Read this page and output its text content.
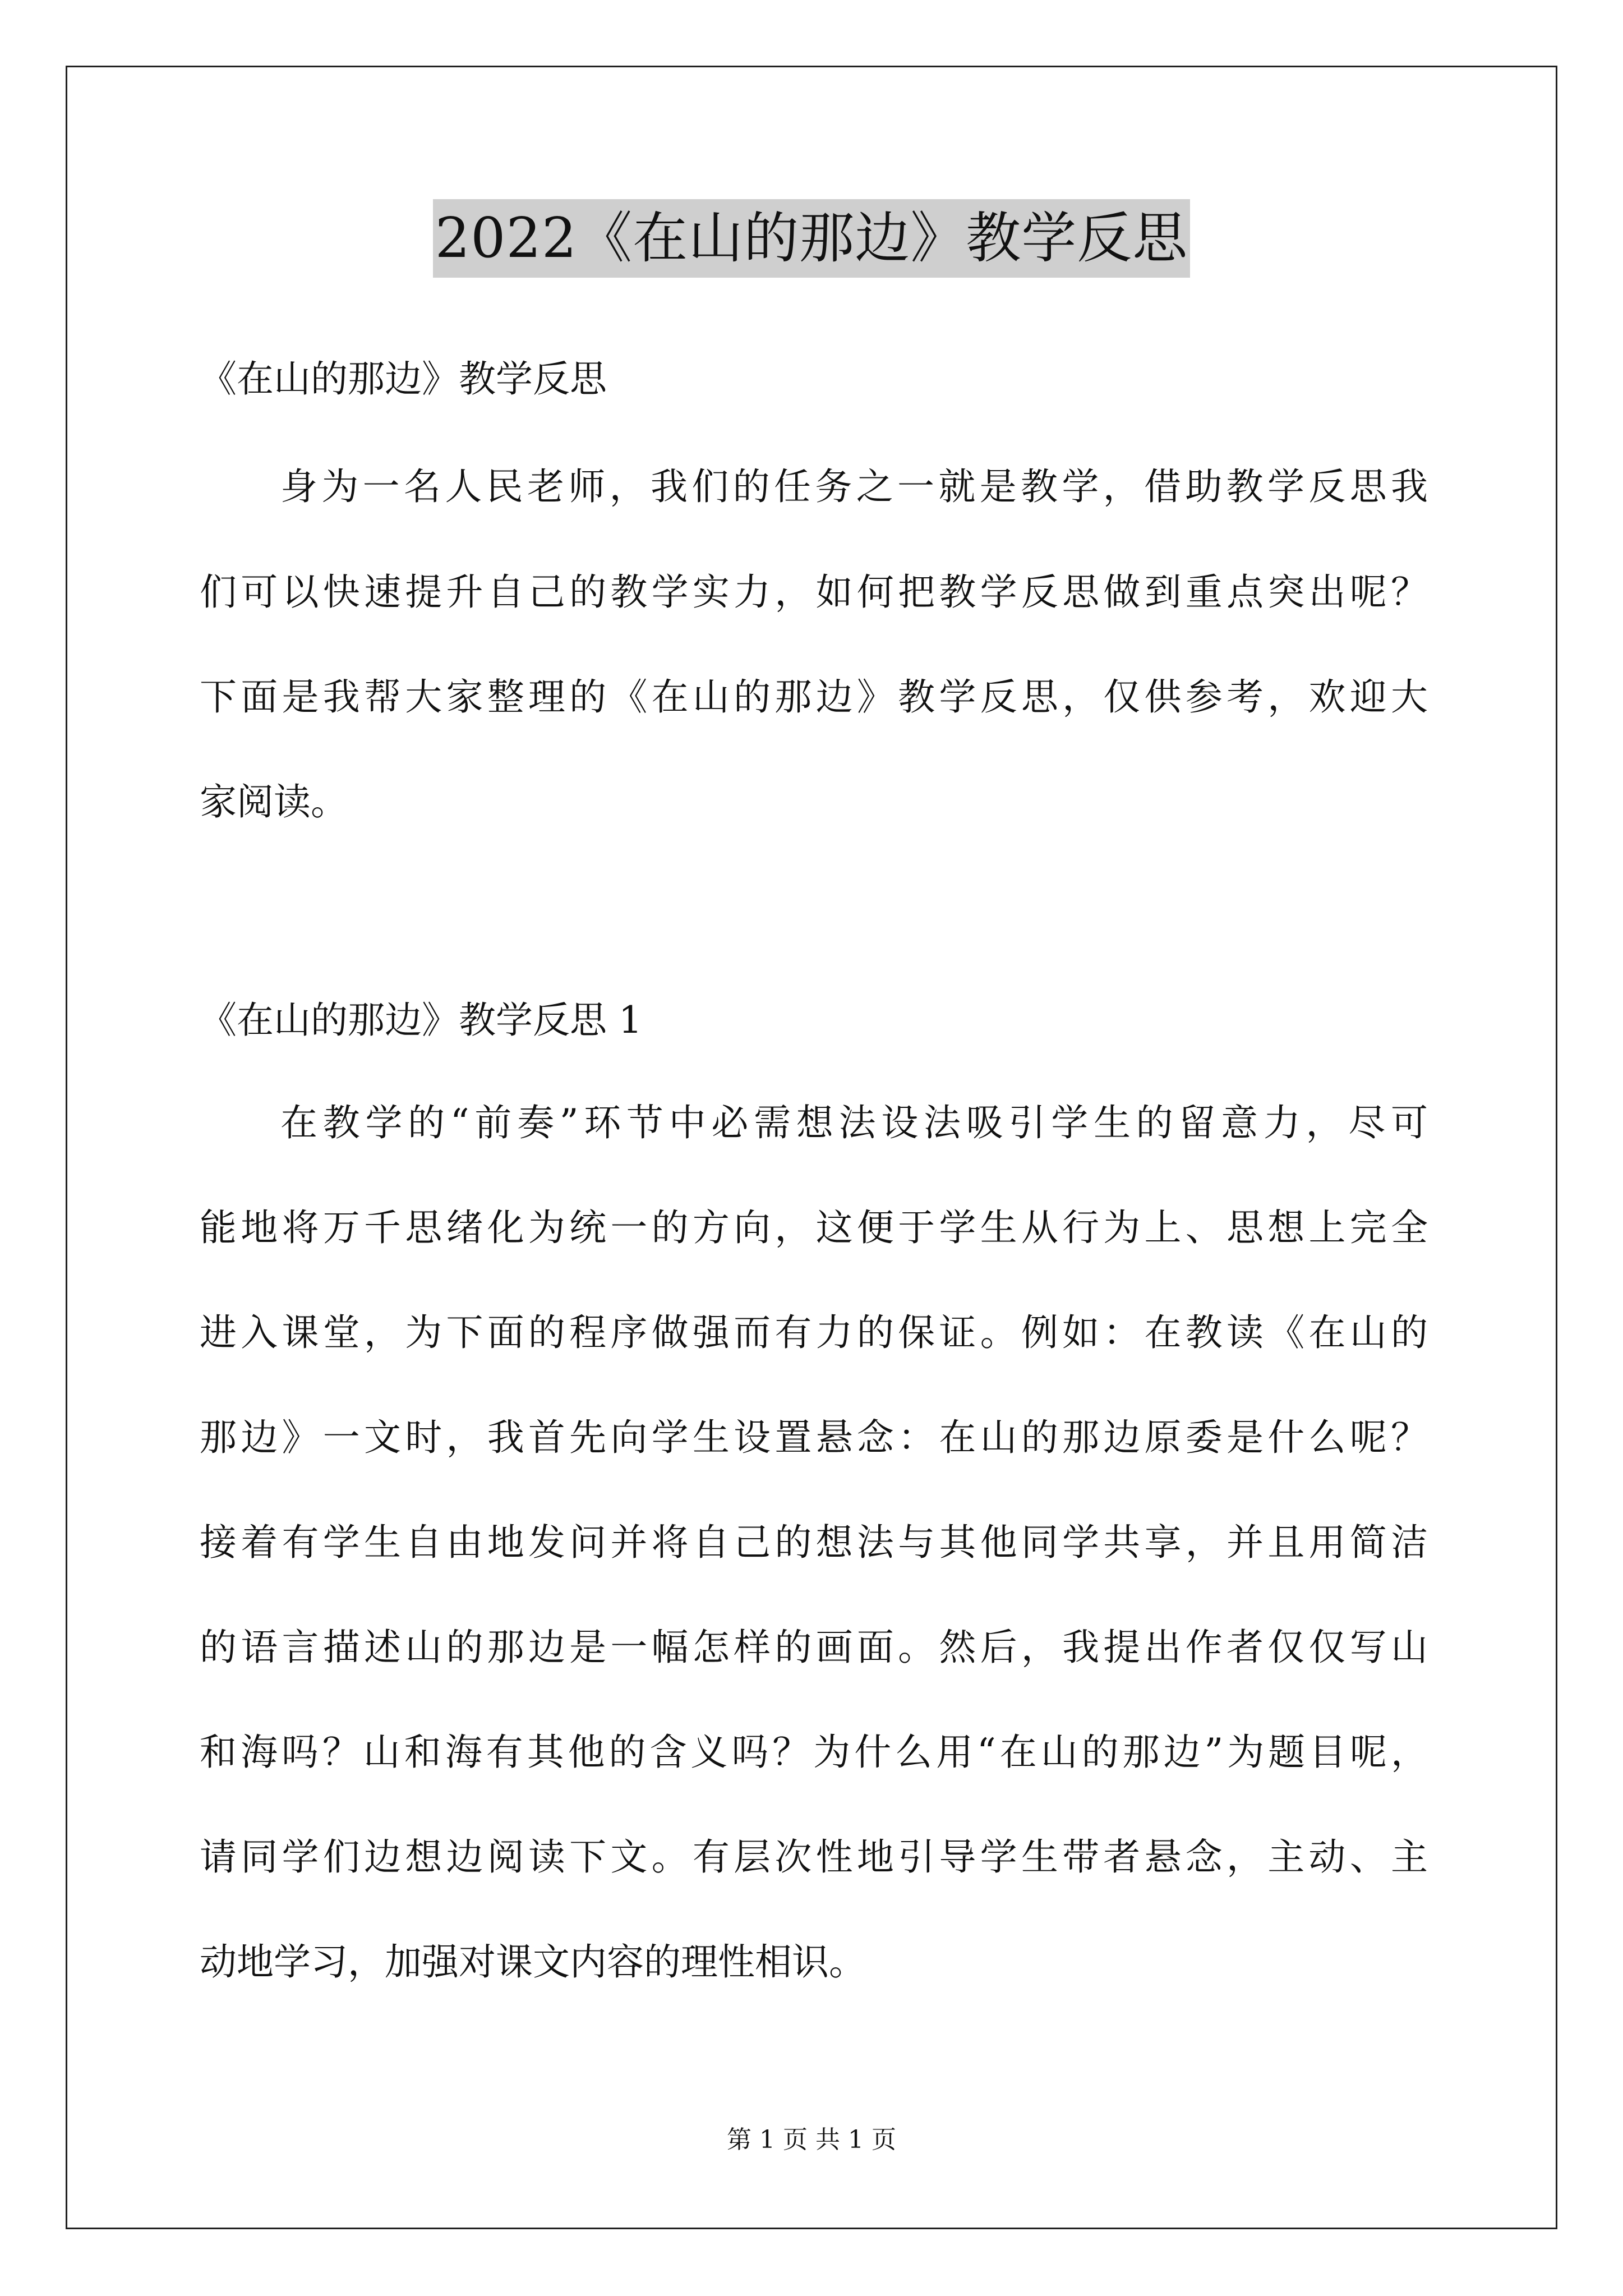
2022《在山的那边》教学反思
《在山的那边》教学反思
身为一名人民老师，我们的任务之一就是教学，借助教学反思我
们可以快速提升自己的教学实力，如何把教学反思做到重点突出呢？
下面是我帮大家整理的《在山的那边》教学反思，仅供参考，欢迎大
家阅读。
《在山的那边》教学反思 1
在教学的“前奏”环节中必需想法设法吸引学生的留意力，尽可
能地将万千思绪化为统一的方向，这便于学生从行为上、思想上完全
进入课堂，为下面的程序做强而有力的保证。例如：在教读《在山的
那边》一文时，我首先向学生设置悬念：在山的那边原委是什么呢？
接着有学生自由地发问并将自己的想法与其他同学共享，并且用简洁
的语言描述山的那边是一幅怎样的画面。然后，我提出作者仅仅写山
和海吗？山和海有其他的含义吗？为什么用“在山的那边”为题目呢，
请同学们边想边阅读下文。有层次性地引导学生带者悬念，主动、主
动地学习，加强对课文内容的理性相识。
第 1 页 共 1 页
